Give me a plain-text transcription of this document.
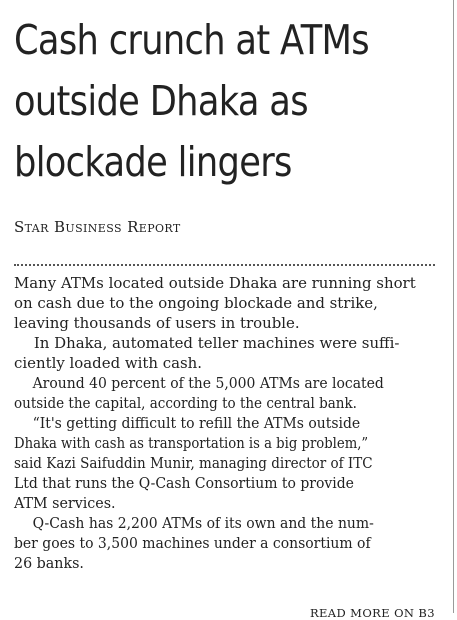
Cash crunch at ATMs
outside Dhaka as
blockade lingers
Star Business Report
Many ATMs located outside Dhaka are running short
on cash due to the ongoing blockade and strike,
leaving thousands of users in trouble.
In Dhaka, automated teller machines were suffi-
ciently loaded with cash.
Around 40 percent of the 5,000 ATMs are located
outside the capital, according to the central bank.
“It's getting difficult to refill the ATMs outside
Dhaka with cash as transportation is a big problem,”
said Kazi Saifuddin Munir, managing director of ITC
Ltd that runs the Q-Cash Consortium to provide
ATM services.
Q-Cash has 2,200 ATMs of its own and the num-
ber goes to 3,500 machines under a consortium of
26 banks.
READ MORE ON B3
